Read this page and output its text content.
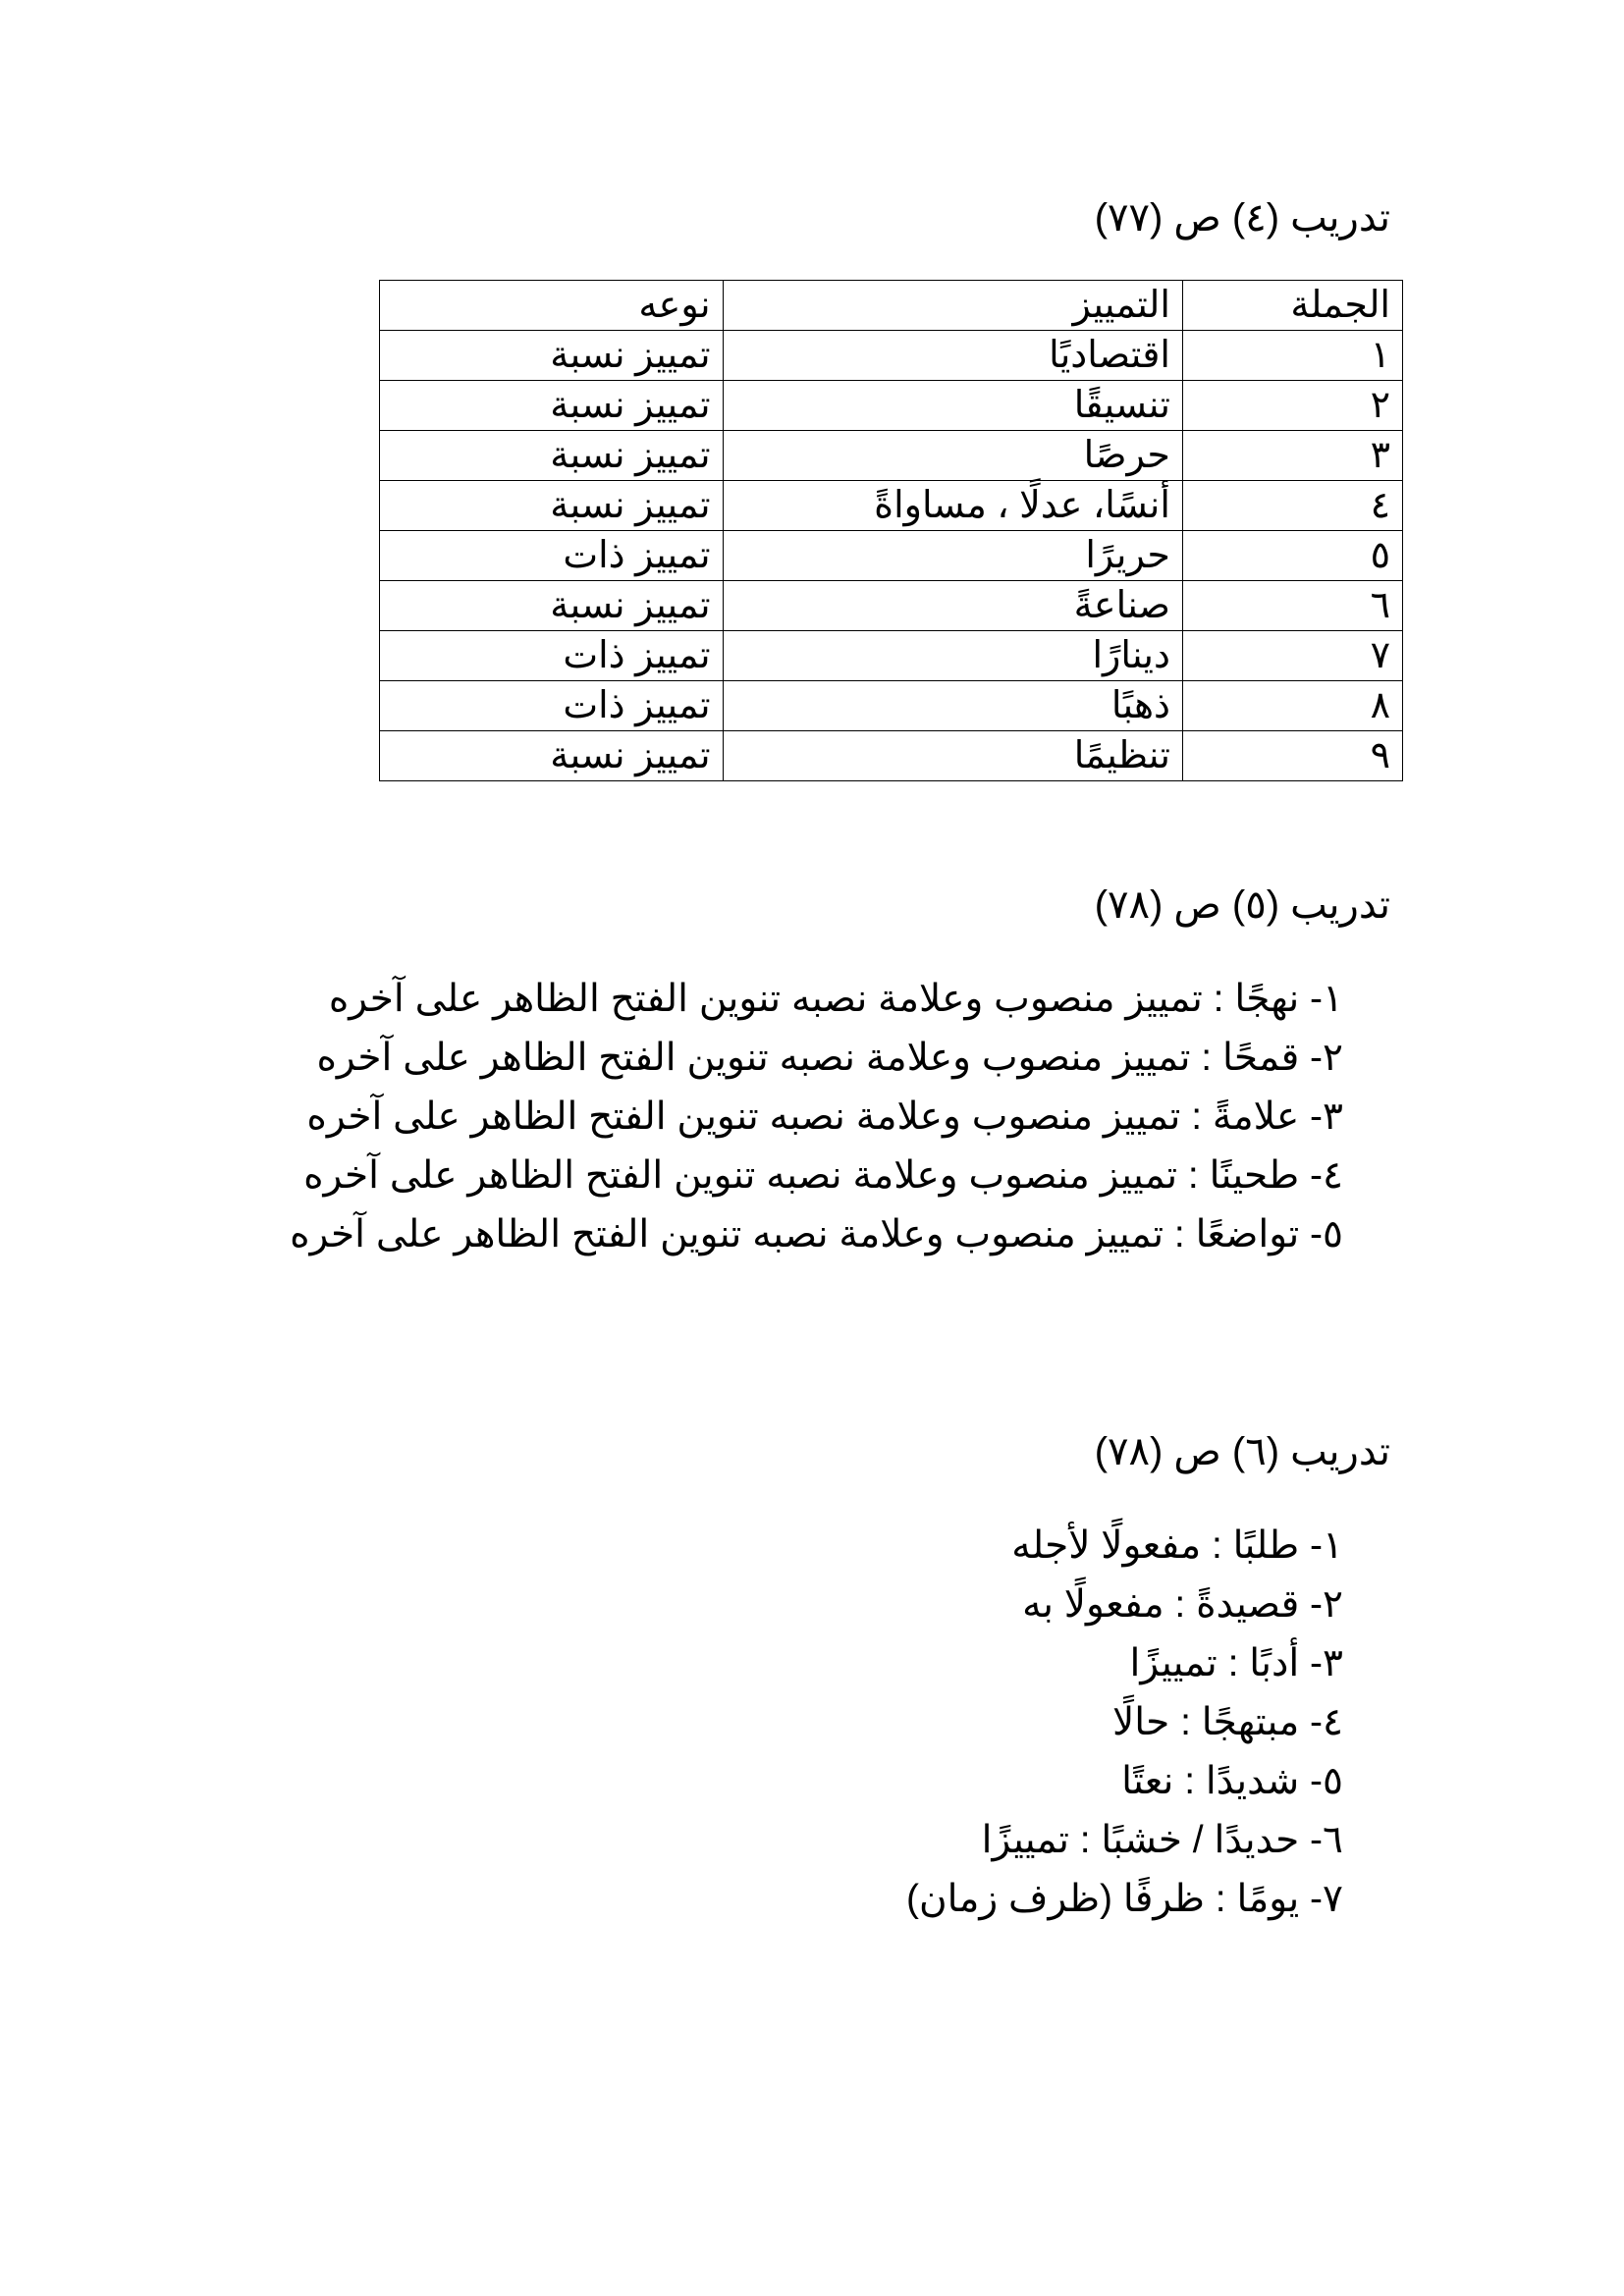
تدريب (٤) ص (٧٧)
الجملة	التمييز	نوعه
١	اقتصاديًا	تمييز نسبة
٢	تنسيقًا	تمييز نسبة
٣	حرصًا	تمييز نسبة
٤	أنسًا، عدلًا ، مساواةً	تمييز نسبة
٥	حريرًا	تمييز ذات
٦	صناعةً	تمييز نسبة
٧	دينارًا	تمييز ذات
٨	ذهبًا	تمييز ذات
٩	تنظيمًا	تمييز نسبة
تدريب (٥) ص (٧٨)
١- نهجًا : تمييز منصوب وعلامة نصبه تنوين الفتح الظاهر على آخره
٢- قمحًا : تمييز منصوب وعلامة نصبه تنوين الفتح الظاهر على آخره
٣- علامةً : تمييز منصوب وعلامة نصبه تنوين الفتح الظاهر على آخره
٤- طحينًا : تمييز منصوب وعلامة نصبه تنوين الفتح الظاهر على آخره
٥- تواضعًا : تمييز منصوب وعلامة نصبه تنوين الفتح الظاهر على آخره
تدريب (٦) ص (٧٨)
١- طلبًا : مفعولًا لأجله
٢- قصيدةً : مفعولًا به
٣- أدبًا : تمييزًا
٤- مبتهجًا : حالًا
٥- شديدًا : نعتًا
٦- حديدًا / خشبًا : تمييزًا
٧- يومًا : ظرفًا (ظرف زمان)
